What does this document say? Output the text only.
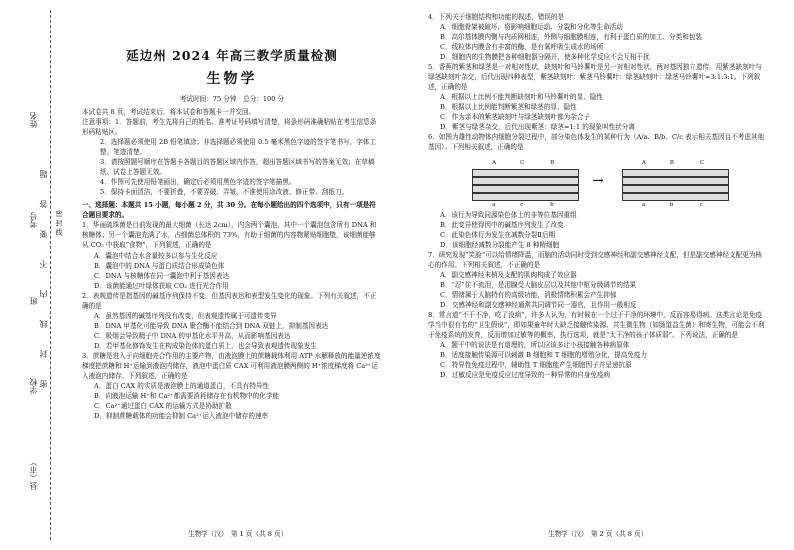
姓名
考号
班
学校
县（市）
题
答
要
不
内
线
封
密
密 封 线
延边州 2024 年高三教学质量检测
生物学
考试时间：75 分钟　总分：100 分

本试卷共 8 页，考试结束后，将本试卷和答题卡一并交回。

注意事项：1．答题前，考生先将自己的姓名、准考证号码填写清楚，将条形码准确粘贴在考生信息条形码粘贴区。

2．选择题必须使用 2B 铅笔填涂；非选择题必须使用 0.5 毫米黑色字迹的签字笔书写，字体工整、笔迹清楚。

3．请按照题号顺序在答题卡各题目的答题区域内作答，超出答题区域书写的答案无效；在草稿纸、试卷上答题无效。

4．作图可先使用铅笔画出，确定后必须用黑色字迹的签字笔描黑。

5．保持卡面清洁，不要折叠，不要弄破、弄皱，不准使用涂改液、修正带、刮纸刀。

一、选择题：本题共 15 小题，每小题 2 分，共 30 分。在每小题给出的四个选项中，只有一项是符合题目要求的。

1．华丽硫珠菌是目前发现的最大细菌（长达 2cm），内含两个囊泡，其中一个囊泡包含所有 DNA 和核糖体；另一个囊泡充满了水，占细菌总体积的 73%，有助于细菌的内容物紧贴细胞壁，该细菌能够从 CO₂ 中获取“食物”，下列叙述，正确的是

A．囊泡中结合水含量较多以参与生化反应

B．囊泡中的 DNA 与蛋白质结合形成染色体

C．DNA 与核糖体在同一囊泡中利于基因表达

D．该菌能通过叶绿体获取 CO₂ 进行光合作用

2．表观遗传是指基因的碱基序列保持不变，但基因表达和表型发生变化的现象。下列有关叙述，不正确的是

A．虽然基因的碱基序列没有改变，但表观遗传属于可遗传变异

B．DNA 甲基化可能导致 DNA 聚合酶不能结合到 DNA 双链上，抑制基因表达

C．吸烟会导致精子中 DNA 的甲基化水平升高，从而影响基因表达

D．若甲基化修饰发生在构成染色体的蛋白质上，也会导致表观遗传现象发生

3．蔗糖是进入于向细胞壳合作用的主要产物，由液泡膜上的蔗糖载体利用 ATP 水解释放的能量逆浓度梯度把蔗糖和 H⁺运输到液泡内储存，液泡中蛋白质 CAX 可利用液泡膜两侧的 H⁺浓度梯度将 Ca²⁺运入液泡内储存。下列叙述，正确的是

A．蛋白 CAX 的实质是液泡膜上的通道蛋白，不具有特异性

B．向液泡运输 H⁺和 Ca²⁺都需要消耗储存在有机物中的化学能

C．Ca²⁺通过蛋白 CAX 的运输方式是协助扩散

D．抑制蔗糖载体的功能会抑制 Ca²⁺运入液泡中储存的速率

4．下列关于细胞结构和功能的叙述，错误的是

A．细胞骨架被破坏，将影响细胞运动、分裂和分化等生命活动

B．高尔基体膜内侧与内质网相连，外侧与细胞膜相连，有利于蛋白质的加工、分类和包装

C．线粒体内膜含有丰富的酶，是有氧呼吸生成水的场所

D．细胞内的生物膜把各种细胞器分隔开，使多种化学反应不会互相干扰

5．香蕉的紫茎和绿茎是一对相对性状，缺刻叶和马铃薯叶是另一对相对性状，两对基因独立遗传。用紫茎缺刻叶与绿茎缺刻叶杂交，后代出现四种表型，紫茎缺刻叶：紫茎马铃薯叶：绿茎缺刻叶：绿茎马铃薯叶=3:1:3:1。下列叙述，正确的是

A．根据以上比例不能判断缺刻叶和马铃薯叶的显、隐性

B．根据以上比例能判断紫茎和绿茎的显、隐性

C．作为亲本的紫茎缺刻叶与绿茎缺刻叶都为杂合子

D．紫茎与绿茎杂交，后代出现紫茎：绿茎=1:1 的现象叫性状分离

6．如图为雄性动物体内细胞分裂过程中，部分染色体发生的某种行为（A/a、B/b、C/c 表示相关基因且不考虑其他基因）。下列相关叙述，正确的是

A	C	B
a	c	b
→
A	B	C
a	b	c

A．该行为导致同源染色体上的非等位基因重组

B．此变异使得因中的碱基序列发生了改变

C．此染色体行为发生在减数分裂Ⅱ后期

D．该细胞经减数分裂能产生 8 种精细胞

7．研究发现“笑脸”可以给情绪降温，而脑的活动同时受到交感神经和副交感神经支配，但是副交感神经支配更为核心的作用。下列相关叙述，不正确的是

A．副交感神经末梢及支配的肌肉构成了效应器

B．“忍”住不流泪，是泪腺受大脑皮层以及其他中枢分级调节的结果

C．情绪属于人脑特有的高级功能，消极情绪积累会产生抑郁

D．交感神经和副交感神经通常共同调节同一器官，且作用一般相反

8．常言道“不干不净，吃了没病”，许多人认为，有时候在一个过于干净的环境中，反而容易得病。这类言论是免疫学当中很有名的“卫生假说”，即如果童年时大缺乏接触传染源、共生微生物（如肠道益生菌）和寄生物，可能会不利于免疫系统的发育，反而增加过敏等的概率，执行选项，就是“太干净的孩子体质弱”。下列说法，正确的是

A．题干中的说法是有道理的，所以应该多让小孩接触各种病原体

B．适度接触传染源可以刺激 B 细胞和 T 细胞的增殖分化，提高免疫力

C．特异性免疫过程中，辅助性 T 细胞能产生细胞因子并呈递抗原

D．过敏反应是免疫反应过度导致的一种异常的自身免疫病

生物学（汉）　第 1 页（共 8 页）	生物学（汉）　第 2 页（共 8 页）
